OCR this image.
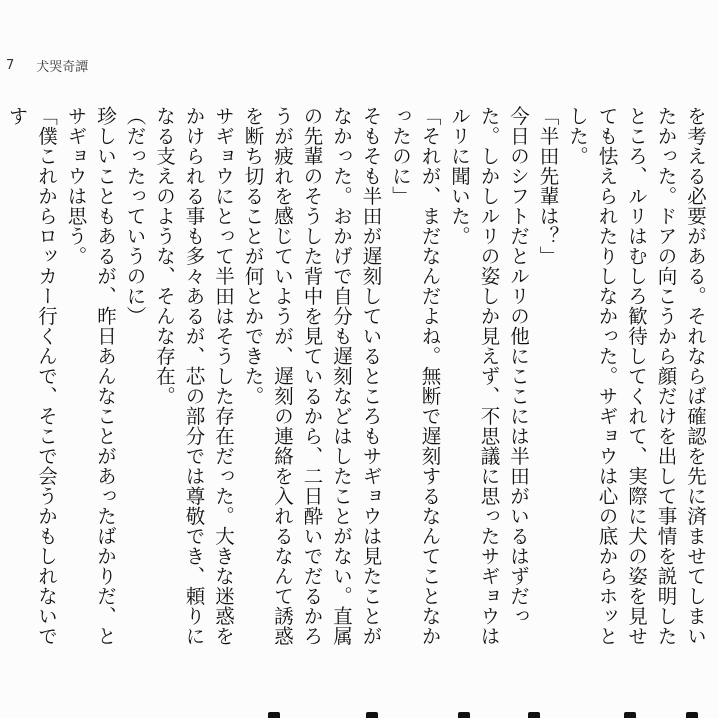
7 犬哭奇譚

を考える必要がある。それならば確認を先に済ませてしまいたかった。ドアの向こうから顔だけを出して事情を説明したところ、ルリはむしろ歓待してくれて、実際に犬の姿を見せても怯えられたりしなかった。サギョウは心の底からホッとした。

「半田先輩は？」

今日のシフトだとルリの他にここには半田がいるはずだった。しかしルリの姿しか見えず、不思議に思ったサギョウはルリに聞いた。

「それが、まだなんだよね。無断で遅刻するなんてことなかったのに」

そもそも半田が遅刻しているところもサギョウは見たことがなかった。おかげで自分も遅刻などはしたことがない。直属の先輩のそうした背中を見ているから、二日酔いでだるかろうが疲れを感じていようが、遅刻の連絡を入れるなんて誘惑を断ち切ることが何とかできた。

サギョウにとって半田はそうした存在だった。大きな迷惑をかけられる事も多々あるが、芯の部分では尊敬でき、頼りになる支えのような、そんな存在。

（だったっていうのに）

珍しいこともあるが、昨日あんなことがあったばかりだ、とサギョウは思う。

「僕これからロッカー行くんで、そこで会うかもしれないです
